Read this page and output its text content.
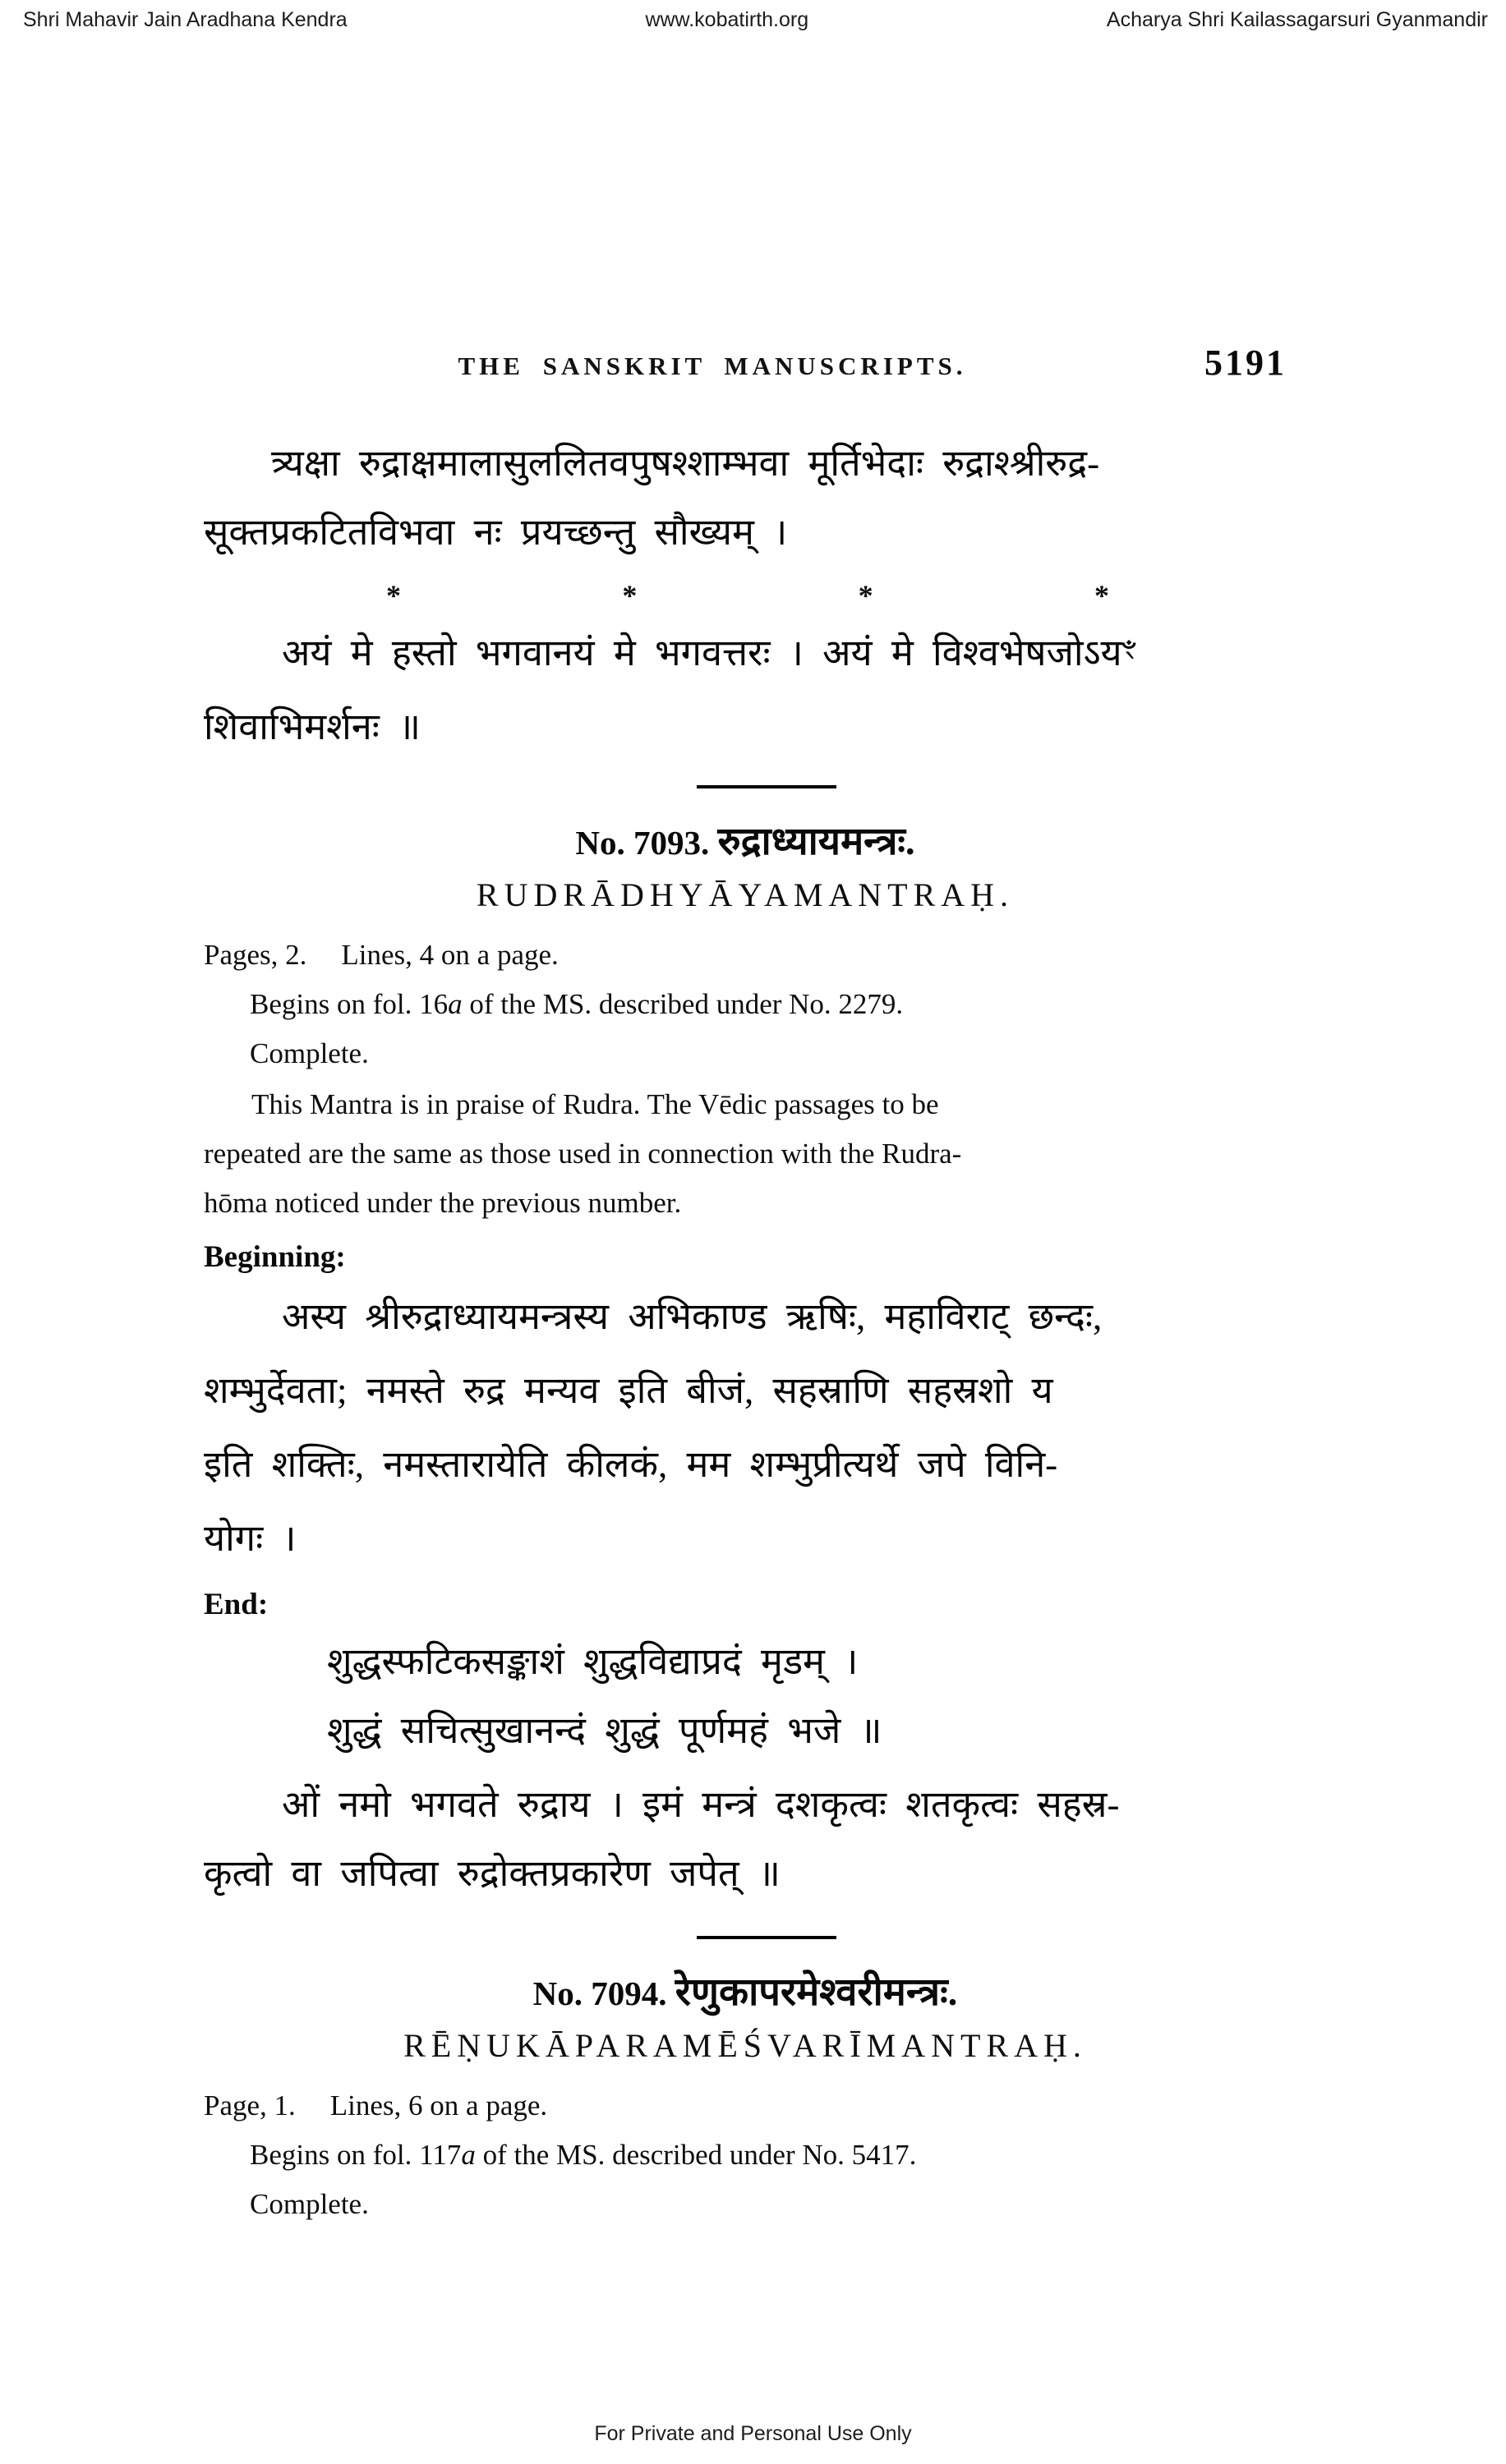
Shri Mahavir Jain Aradhana Kendra	www.kobatirth.org	Acharya Shri Kailassagarsuri Gyanmandir
THE SANSKRIT MANUSCRIPTS.	5191
त्र्यक्षा रुद्राक्षमालासुललितवपुषश्शाम्भवा मूर्तिभेदाः रुद्राश्श्रीरुद्र-
सूक्तप्रकटितविभवा नः प्रयच्छन्तु सौख्यम् ।
*	*	*	*
अयं मे हस्तो भगवानयं मे भगवत्तरः । अयं मे विश्वभेषजोऽयꣳ
शिवाभिमर्शनः ॥
No. 7093. रुद्राध्यायमन्त्रः.
RUDRĀDHYĀYAMANTRAḤ.
Pages, 2. Lines, 4 on a page.
Begins on fol. 16a of the MS. described under No. 2279.
Complete.
This Mantra is in praise of Rudra. The Vēdic passages to be
repeated are the same as those used in connection with the Rudra-
hōma noticed under the previous number.
Beginning:
अस्य श्रीरुद्राध्यायमन्त्रस्य अभिकाण्ड ऋषिः, महाविराट् छन्दः,
शम्भुर्देवता; नमस्ते रुद्र मन्यव इति बीजं, सहस्राणि सहस्रशो य
इति शक्तिः, नमस्तारायेति कीलकं, मम शम्भुप्रीत्यर्थे जपे विनि-
योगः ।
End:
शुद्धस्फटिकसङ्काशं शुद्धविद्याप्रदं मृडम् ।
शुद्धं सचित्सुखानन्दं शुद्धं पूर्णमहं भजे ॥
ओं नमो भगवते रुद्राय । इमं मन्त्रं दशकृत्वः शतकृत्वः सहस्र-
कृत्वो वा जपित्वा रुद्रोक्तप्रकारेण जपेत् ॥
No. 7094. रेणुकापरमेश्वरीमन्त्रः.
RĒṆUKĀPARAMĒŚVARĪMANTRAḤ.
Page, 1. Lines, 6 on a page.
Begins on fol. 117a of the MS. described under No. 5417.
Complete.
For Private and Personal Use Only
